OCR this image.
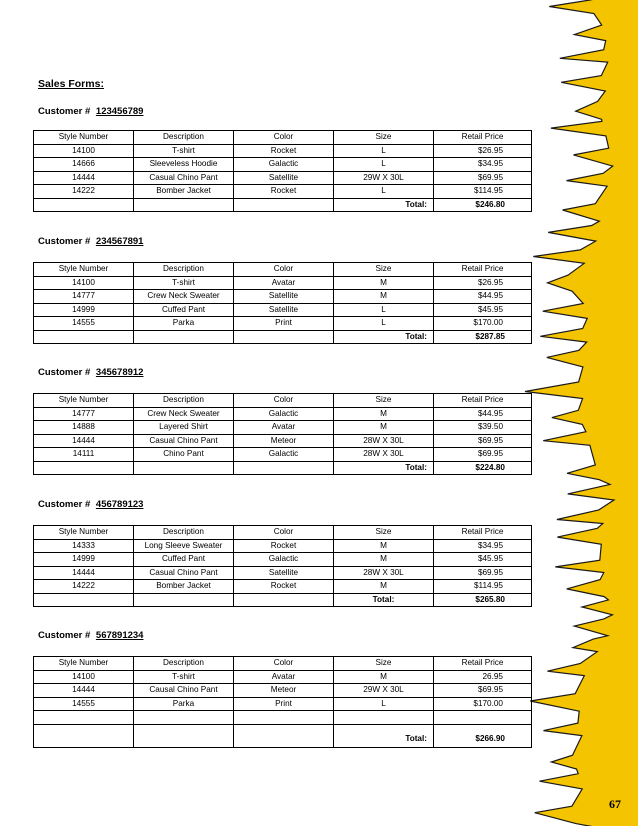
Sales Forms:
Customer # 123456789
Style Number	Description	Color	Size	Retail Price
14100	T-shirt	Rocket	L	$26.95
14666	Sleeveless Hoodie	Galactic	L	$34.95
14444	Casual Chino Pant	Satellite	29W X 30L	$69.95
14222	Bomber Jacket	Rocket	L	$114.95
			Total:	$246.80
Customer # 234567891
Style Number	Description	Color	Size	Retail Price
14100	T-shirt	Avatar	M	$26.95
14777	Crew Neck Sweater	Satellite	M	$44.95
14999	Cuffed Pant	Satellite	L	$45.95
14555	Parka	Print	L	$170.00
			Total:	$287.85
Customer # 345678912
Style Number	Description	Color	Size	Retail Price
14777	Crew Neck Sweater	Galactic	M	$44.95
14888	Layered Shirt	Avatar	M	$39.50
14444	Casual Chino Pant	Meteor	28W X 30L	$69.95
14111	Chino Pant	Galactic	28W X 30L	$69.95
			Total:	$224.80
Customer # 456789123
Style Number	Description	Color	Size	Retail Price
14333	Long Sleeve Sweater	Rocket	M	$34.95
14999	Cuffed Pant	Galactic	M	$45.95
14444	Casual Chino Pant	Satellite	28W X 30L	$69.95
14222	Bomber Jacket	Rocket	M	$114.95
			Total:	$265.80
Customer # 567891234
Style Number	Description	Color	Size	Retail Price
14100	T-shirt	Avatar	M	26.95
14444	Causal Chino Pant	Meteor	29W X 30L	$69.95
14555	Parka	Print	L	$170.00

			Total:	$266.90
67
